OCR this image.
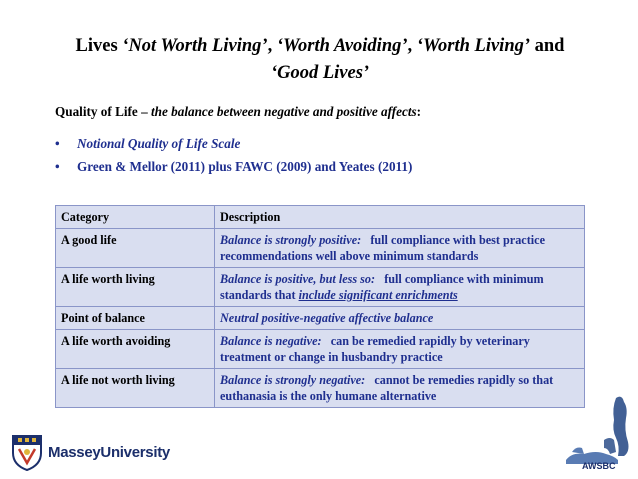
Lives ‘Not Worth Living’, ‘Worth Avoiding’, ‘Worth Living’ and ‘Good Lives’
Quality of Life – the balance between negative and positive affects:
• Notional Quality of Life Scale
• Green & Mellor (2011) plus FAWC (2009) and Yeates (2011)
Category	Description
A good life	Balance is strongly positive:   full compliance with best practice recommendations well above minimum standards
A life worth living	Balance is positive, but less so:   full compliance with minimum standards that include significant enrichments
Point of balance	Neutral positive-negative affective balance
A life worth avoiding	Balance is negative:   can be remedied rapidly by veterinary treatment or change in husbandry practice
A life not worth living	Balance is strongly negative:   cannot be remedies rapidly so that euthanasia is the only humane alternative
MasseyUniversity
AWSBC
